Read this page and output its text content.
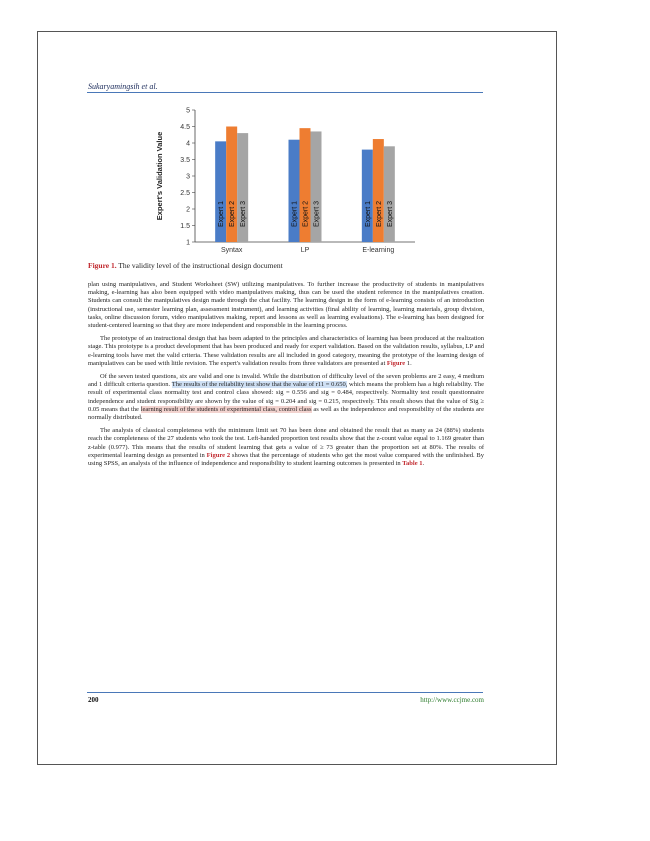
Sukaryamingsih et al.
1
1.5
2
2.5
3
3.5
4
4.5
5
Expert's Validation Value	Expert 1 Expert 2 Expert 3
Syntax
Expert 1 Expert 2 Expert 3
LP
Expert 1 Expert 2 Expert 3
E-learning
Figure 1. The validity level of the instructional design document

plan using manipulatives, and Student Worksheet (SW) utilizing manipulatives. To further increase the productivity of students in manipulatives making, e-learning has also been equipped with video manipulatives making, thus can be used the student reference in the manipulatives creation. Students can consult the manipulatives design made through the chat facility. The learning design in the form of e-learning consists of an introduction (instructional use, semester learning plan, assessment instrument), and learning activities (final ability of learning, learning materials, group division, tasks, online discussion forum, video manipulatives making, report and lessons as well as learning evaluations). The e-learning has been designed for student-centered learning so that they are more independent and responsible in the learning process.

The prototype of an instructional design that has been adapted to the principles and characteristics of learning has been produced at the realization stage. This prototype is a product development that has been produced and ready for expert validation. Based on the validation results, syllabus, LP and e-learning tools have met the valid criteria. These validation results are all included in good category, meaning the prototype of the learning design of manipulatives can be used with little revision. The expert's validation results from three validators are presented at Figure 1.

Of the seven tested questions, six are valid and one is invalid. While the distribution of difficulty level of the seven problems are 2 easy, 4 medium and 1 difficult criteria question. The results of the reliability test show that the value of r11 = 0.650, which means the problem has a high reliability. The result of experimental class normality test and control class showed: sig = 0.556 and sig = 0.484, respectively. Normality test result questionnaire independence and student responsibility are shown by the value of sig = 0.204 and sig = 0.215, respectively. This result shows that the value of Sig ≥ 0.05 means that the learning result of the students of experimental class, control class as well as the independence and responsibility of the students are normally distributed.

The analysis of classical completeness with the minimum limit set 70 has been done and obtained the result that as many as 24 (88%) students reach the completeness of the 27 students who took the test. Left-handed proportion test results show that the z-count value equal to 1.169 greater than z-table (0.977). This means that the results of student learning that gets a value of ≥ 73 greater than the proportion set at 80%. The results of experimental learning design as presented in Figure 2 shows that the percentage of students who get the most value compared with the unfinished. By using SPSS, an analysis of the influence of independence and responsibility to student learning outcomes is presented in Table 1.

200	http://www.ccjme.com
